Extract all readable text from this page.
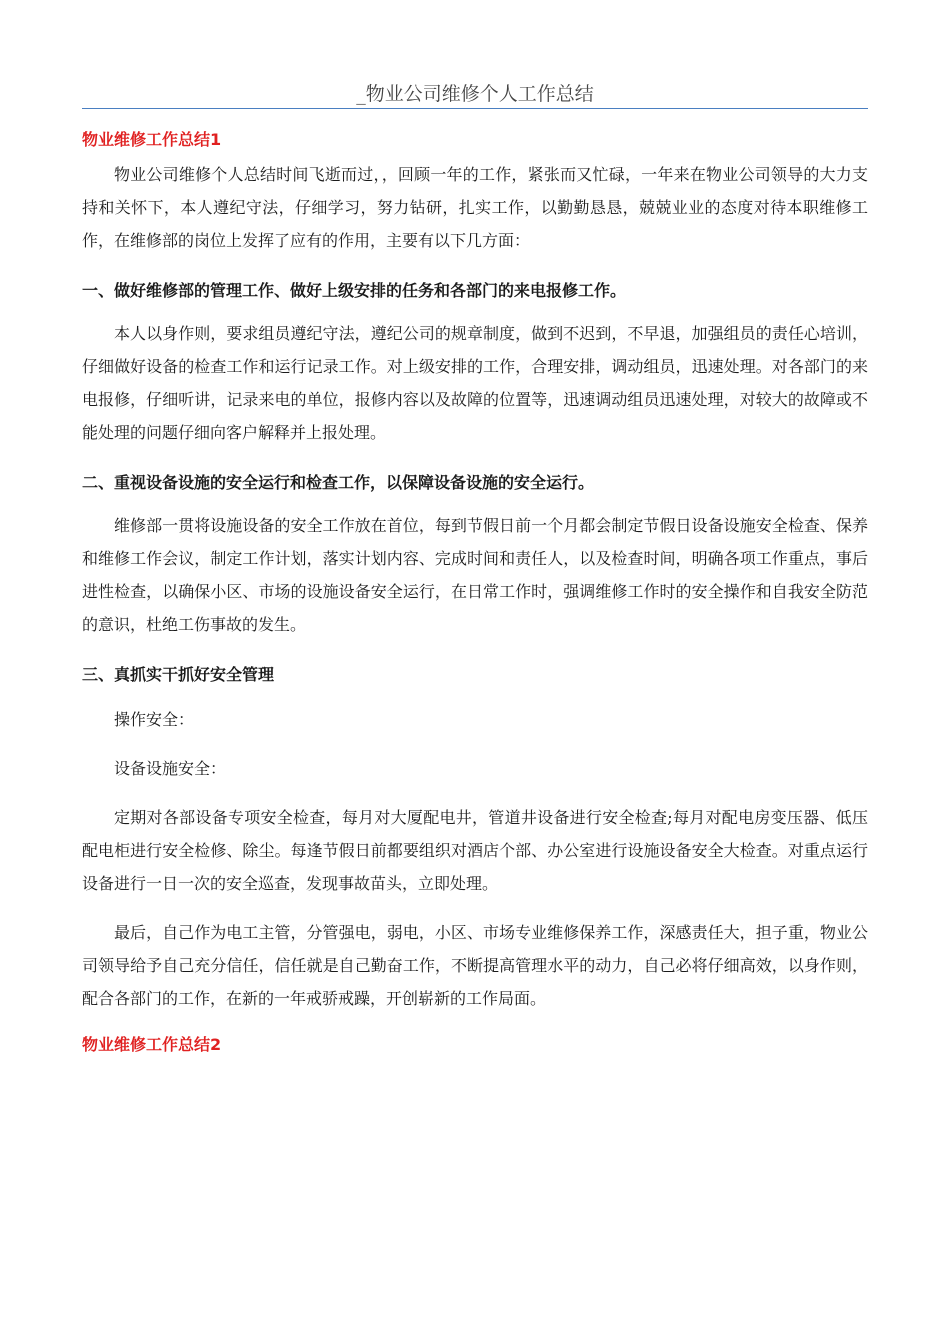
_物业公司维修个人工作总结
物业维修工作总结1

物业公司维修个人总结时间飞逝而过，，回顾一年的工作，紧张而又忙碌，一年来在物业公司领导的大力支持和关怀下，本人遵纪守法，仔细学习，努力钻研，扎实工作，以勤勤恳恳，兢兢业业的态度对待本职维修工作，在维修部的岗位上发挥了应有的作用，主要有以下几方面：

一、做好维修部的管理工作、做好上级安排的任务和各部门的来电报修工作。

本人以身作则，要求组员遵纪守法，遵纪公司的规章制度，做到不迟到，不早退，加强组员的责任心培训，仔细做好设备的检查工作和运行记录工作。对上级安排的工作，合理安排，调动组员，迅速处理。对各部门的来电报修，仔细听讲，记录来电的单位，报修内容以及故障的位置等，迅速调动组员迅速处理，对较大的故障或不能处理的问题仔细向客户解释并上报处理。

二、重视设备设施的安全运行和检查工作，以保障设备设施的安全运行。

维修部一贯将设施设备的安全工作放在首位，每到节假日前一个月都会制定节假日设备设施安全检查、保养和维修工作会议，制定工作计划，落实计划内容、完成时间和责任人，以及检查时间，明确各项工作重点，事后进性检查，以确保小区、市场的设施设备安全运行，在日常工作时，强调维修工作时的安全操作和自我安全防范的意识，杜绝工伤事故的发生。

三、真抓实干抓好安全管理

操作安全：

设备设施安全：

定期对各部设备专项安全检查，每月对大厦配电井，管道井设备进行安全检查;每月对配电房变压器、低压配电柜进行安全检修、除尘。每逢节假日前都要组织对酒店个部、办公室进行设施设备安全大检查。对重点运行设备进行一日一次的安全巡查，发现事故苗头，立即处理。

最后，自己作为电工主管，分管强电，弱电，小区、市场专业维修保养工作，深感责任大，担子重，物业公司领导给予自己充分信任，信任就是自己勤奋工作，不断提高管理水平的动力，自己必将仔细高效，以身作则，配合各部门的工作，在新的一年戒骄戒躁，开创崭新的工作局面。

物业维修工作总结2
